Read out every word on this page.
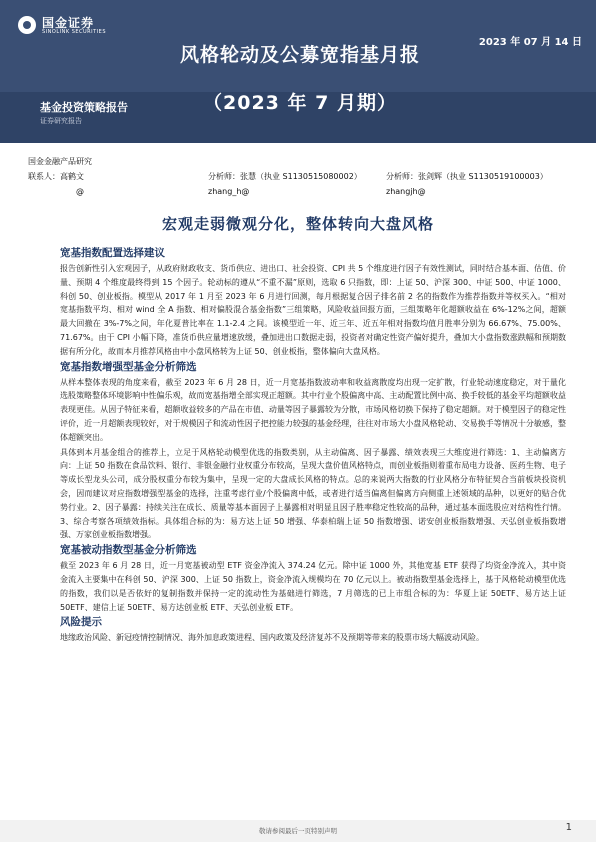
国金证券
SINOLINK SECURITIES
2023 年 07 月 14 日
风格轮动及公募宽指基月报
（2023 年 7 月期）
基金投资策略报告
证券研究报告
国金金融产品研究
联系人：高鹤文
@
分析师：张慧（执业 S1130515080002）
zhang_h@
分析师：张剑辉（执业 S1130519100003）
zhangjh@
宏观走弱微观分化，整体转向大盘风格
宽基指数配置选择建议

报告创新性引入宏观因子，从政府财政收支、货币供应、进出口、社会投资、CPI 共 5 个维度进行因子有效性测试，同时结合基本面、估值、价量、预期 4 个维度最终得到 15 个因子。轮动标的遵从“不重不漏”原则，选取 6 只指数，即：上证 50、沪深 300、中证 500、中证 1000、科创 50、创业板指。模型从 2017 年 1 月至 2023 年 6 月进行回测，每月根据复合因子排名前 2 名的指数作为推荐指数并等权买入。“相对宽基指数平均、相对 wind 全 A 指数、相对偏股混合基金指数”三组策略，风险收益回报方面，三组策略年化超额收益在 6%-12%之间，超额最大回撤在 3%-7%之间，年化夏普比率在 1.1-2.4 之间。该模型近一年、近三年、近五年相对指数均值月胜率分别为 66.67%、75.00%、71.67%。由于 CPI 小幅下降，准货币供应量增速放缓，叠加进出口数据走弱，投资者对确定性资产偏好提升，叠加大小盘指数涨跌幅和预期数据有所分化，故而本月推荐风格由中小盘风格转为上证 50、创业板指，整体偏向大盘风格。

宽基指数增强型基金分析筛选

从样本整体表现的角度来看，截至 2023 年 6 月 28 日，近一月宽基指数波动率和收益离散度均出现一定扩散，行业轮动速度稳定，对于量化选股策略整体环境影响中性偏乐观，故而宽基指增全部实现正超额。其中行业个股偏离中高、主动配置比例中高、换手较低的基金平均超额收益表现更佳。从因子特征来看，超额收益较多的产品在市值、动量等因子暴露较为分散，市场风格切换下保持了稳定超额。对于模型因子的稳定性评价，近一月超额表现较好，对于规模因子和流动性因子把控能力较强的基金经理，往往对市场大小盘风格轮动、交易换手等情况十分敏感，整体超额突出。

具体到本月基金组合的推荐上，立足于风格轮动模型优选的指数类别，从主动偏离、因子暴露、绩效表现三大维度进行筛选：1、主动偏离方向：上证 50 指数在食品饮料、银行、非银金融行业权重分布较高，呈现大盘价值风格特点，而创业板指则着重布局电力设备、医药生物、电子等成长型龙头公司，成分股权重分布较为集中，呈现一定的大盘成长风格的特点。总的来说两大指数的行业风格分布特征契合当前板块投资机会，因而建议对应指数增强型基金的选择，注重考虑行业/个股偏离中低，或者进行适当偏离但偏离方向侧重上述领域的品种，以更好的贴合优势行业。2、因子暴露：持续关注在成长、质量等基本面因子上暴露相对明显且因子胜率稳定性较高的品种，通过基本面选股应对结构性行情。3、综合考察各项绩效指标。具体组合标的为：易方达上证 50 增强、华泰柏瑞上证 50 指数增强、诺安创业板指数增强、天弘创业板指数增强、万家创业板指数增强。

宽基被动指数型基金分析筛选

截至 2023 年 6 月 28 日，近一月宽基被动型 ETF 资金净流入 374.24 亿元。除中证 1000 外，其他宽基 ETF 获得了均资金净流入，其中资金流入主要集中在科创 50、沪深 300、上证 50 指数上，资金净流入规模均在 70 亿元以上。被动指数型基金选择上，基于风格轮动模型优选的指数，我们以是否依好的复制指数并保持一定的流动性为基础进行筛选，7 月筛选的已上市组合标的为：华夏上证 50ETF、易方达上证 50ETF、建信上证 50ETF、易方达创业板 ETF、天弘创业板 ETF。

风险提示

地缘政治风险、新冠疫情控制情况、海外加息政策进程、国内政策及经济复苏不及预期等带来的股票市场大幅波动风险。

敬请参阅最后一页特别声明	1
